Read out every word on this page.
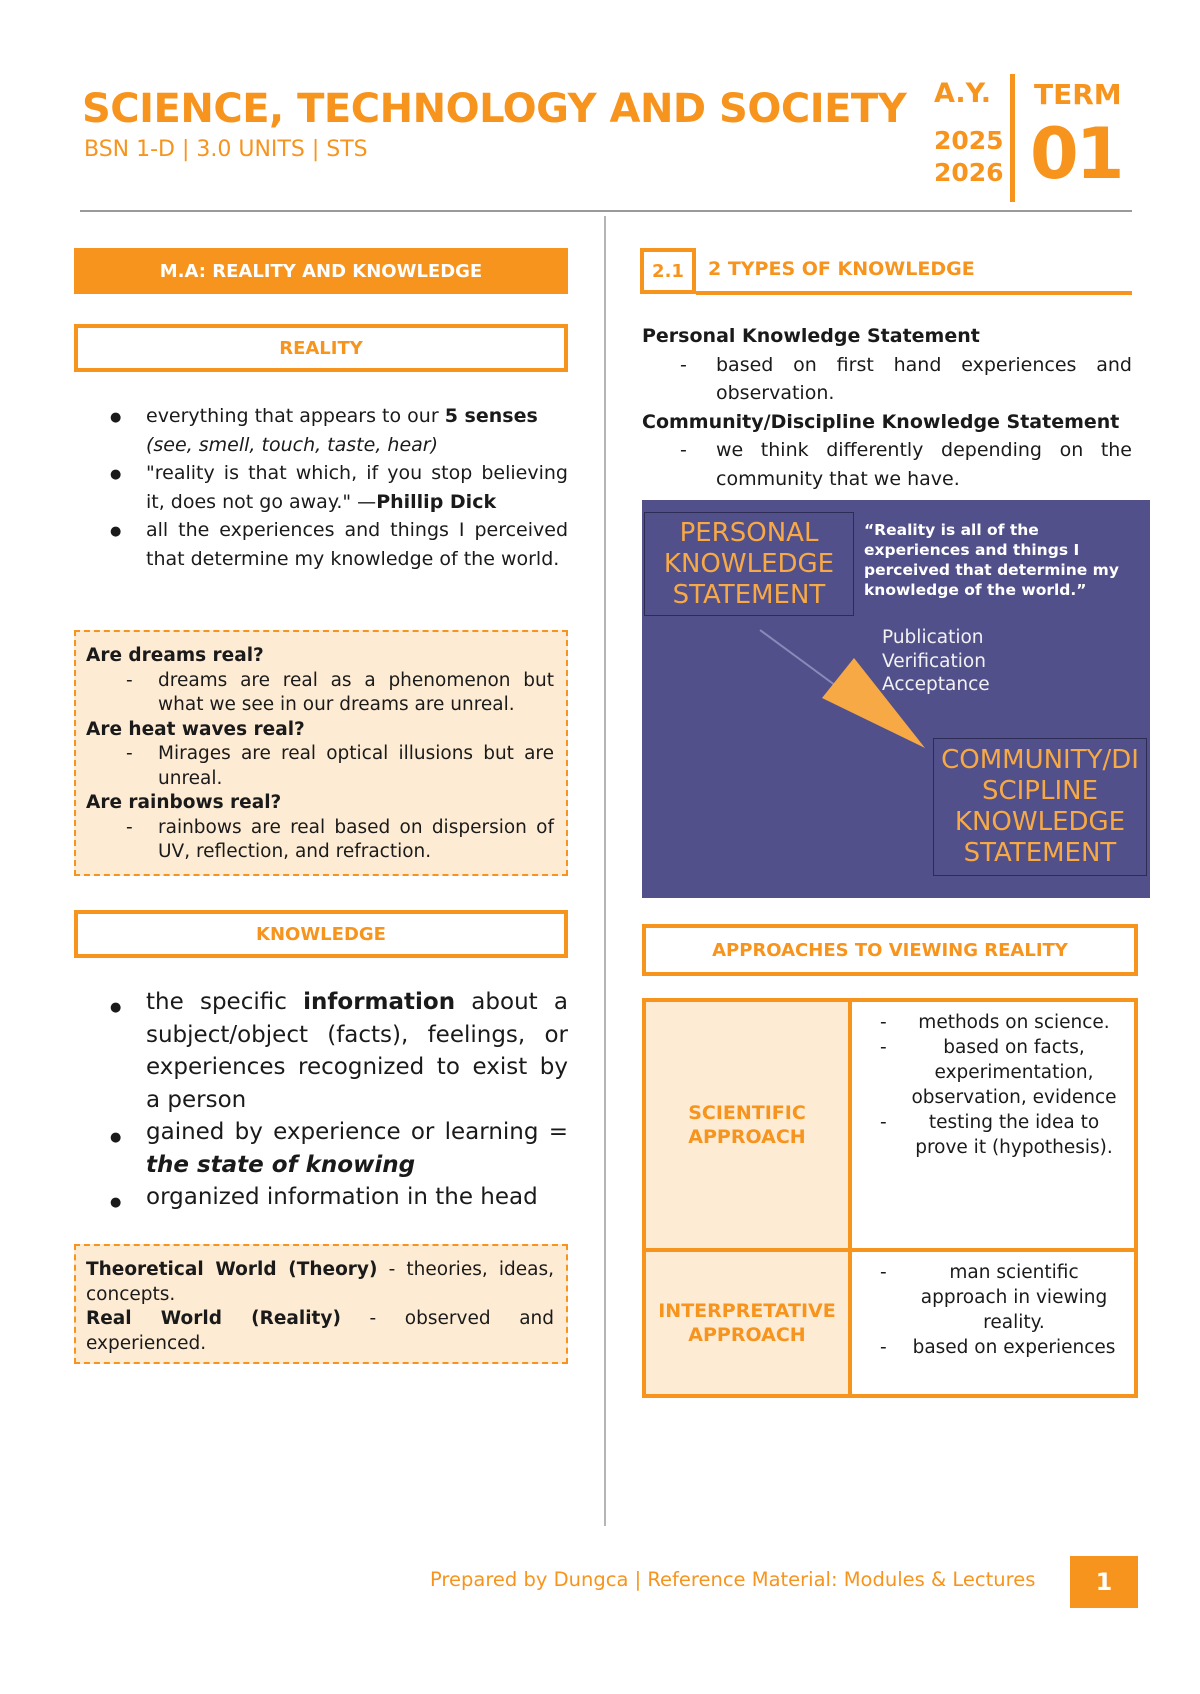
SCIENCE, TECHNOLOGY AND SOCIETY
BSN 1-D | 3.0 UNITS | STS
A.Y.
2025
2026
TERM
01
M.A: REALITY AND KNOWLEDGE
REALITY
● everything that appears to our 5 senses
(see, smell, touch, taste, hear)
● "reality is that which, if you stop believing it, does not go away." —Phillip Dick
● all the experiences and things I perceived that determine my knowledge of the world.
Are dreams real?
- dreams are real as a phenomenon but what we see in our dreams are unreal.
Are heat waves real?
- Mirages are real optical illusions but are unreal.
Are rainbows real?
- rainbows are real based on dispersion of UV, reflection, and refraction.
KNOWLEDGE
● the specific information about a subject/object (facts), feelings, or experiences recognized to exist by a person
● gained by experience or learning = the state of knowing
● organized information in the head
Theoretical World (Theory) - theories, ideas, concepts.
Real World (Reality) - observed and experienced.
2.1	2 TYPES OF KNOWLEDGE
Personal Knowledge Statement
- based on first hand experiences and observation.
Community/Discipline Knowledge Statement
- we think differently depending on the community that we have.
PERSONAL
KNOWLEDGE
STATEMENT
“Reality is all of the experiences and things I perceived that determine my knowledge of the world.”
Publication
Verification
Acceptance
COMMUNITY/DI
SCIPLINE
KNOWLEDGE
STATEMENT
APPROACHES TO VIEWING REALITY
SCIENTIFIC APPROACH
- methods on science.
- based on facts, experimentation, observation, evidence
- testing the idea to prove it (hypothesis).
INTERPRETATIVE APPROACH
- man scientific approach in viewing reality.
- based on experiences
Prepared by Dungca | Reference Material: Modules & Lectures	1
